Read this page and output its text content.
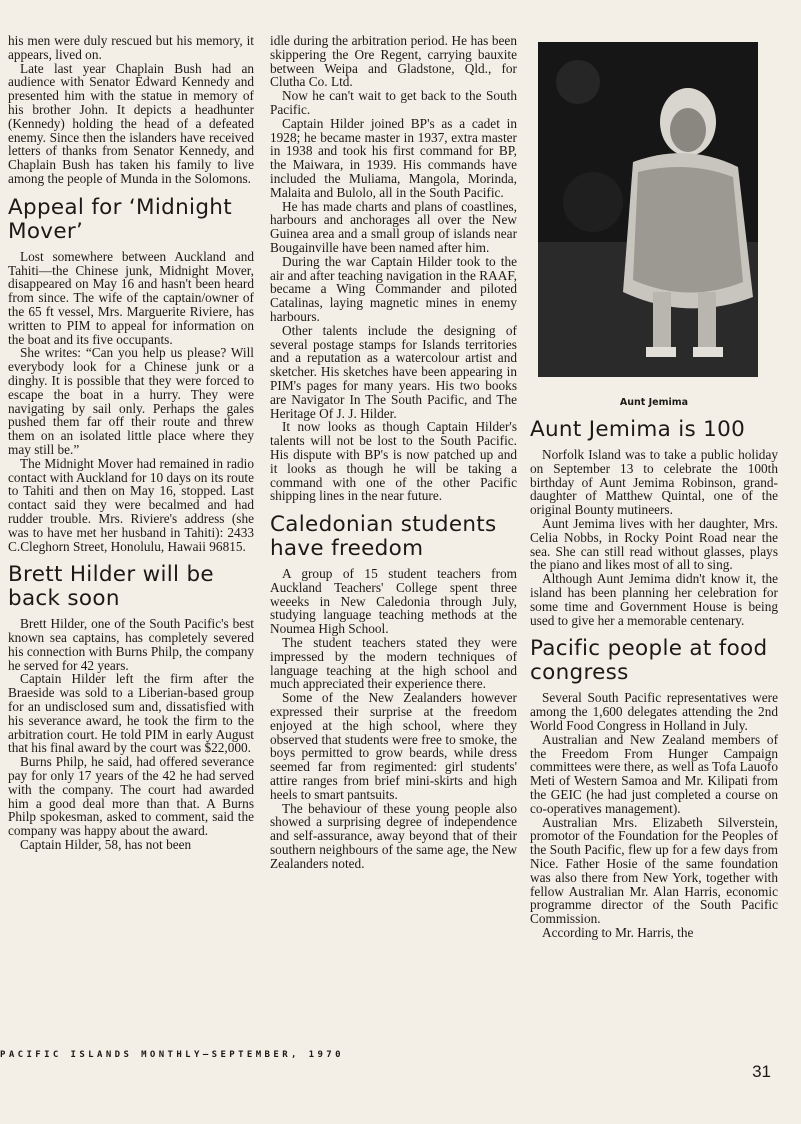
his men were duly rescued but his memory, it appears, lived on.

Late last year Chaplain Bush had an audience with Senator Edward Kennedy and presented him with the statue in memory of his brother John. It depicts a headhunter (Kennedy) holding the head of a defeated enemy. Since then the islanders have received letters of thanks from Senator Kennedy, and Chaplain Bush has taken his family to live among the people of Munda in the Solomons.

Appeal for ‘Midnight Mover’

Lost somewhere between Auckland and Tahiti—the Chinese junk, Midnight Mover, disappeared on May 16 and hasn't been heard from since. The wife of the captain/owner of the 65 ft vessel, Mrs. Marguerite Riviere, has written to PIM to appeal for information on the boat and its five occupants.

She writes: “Can you help us please? Will everybody look for a Chinese junk or a dinghy. It is possible that they were forced to escape the boat in a hurry. They were navigating by sail only. Perhaps the gales pushed them far off their route and threw them on an isolated little place where they may still be.”

The Midnight Mover had remained in radio contact with Auckland for 10 days on its route to Tahiti and then on May 16, stopped. Last contact said they were becalmed and had rudder trouble. Mrs. Riviere's address (she was to have met her husband in Tahiti): 2433 C.Cleghorn Street, Honolulu, Hawaii 96815.

Brett Hilder will be back soon

Brett Hilder, one of the South Pacific's best known sea captains, has completely severed his connection with Burns Philp, the company he served for 42 years.

Captain Hilder left the firm after the Braeside was sold to a Liberian-based group for an undisclosed sum and, dissatisfied with his severance award, he took the firm to the arbitration court. He told PIM in early August that his final award by the court was $22,000.

Burns Philp, he said, had offered severance pay for only 17 years of the 42 he had served with the company. The court had awarded him a good deal more than that. A Burns Philp spokesman, asked to comment, said the company was happy about the award.

Captain Hilder, 58, has not been

idle during the arbitration period. He has been skippering the Ore Regent, carrying bauxite between Weipa and Gladstone, Qld., for Clutha Co. Ltd.

Now he can't wait to get back to the South Pacific.

Captain Hilder joined BP's as a cadet in 1928; he became master in 1937, extra master in 1938 and took his first command for BP, the Maiwara, in 1939. His commands have included the Muliama, Mangola, Morinda, Malaita and Bulolo, all in the South Pacific.

He has made charts and plans of coastlines, harbours and anchorages all over the New Guinea area and a small group of islands near Bougainville have been named after him.

During the war Captain Hilder took to the air and after teaching navigation in the RAAF, became a Wing Commander and piloted Catalinas, laying magnetic mines in enemy harbours.

Other talents include the designing of several postage stamps for Islands territories and a reputation as a watercolour artist and sketcher. His sketches have been appearing in PIM's pages for many years. His two books are Navigator In The South Pacific, and The Heritage Of J. J. Hilder.

It now looks as though Captain Hilder's talents will not be lost to the South Pacific. His dispute with BP's is now patched up and it looks as though he will be taking a command with one of the other Pacific shipping lines in the near future.

Caledonian students have freedom

A group of 15 student teachers from Auckland Teachers' College spent three weeeks in New Caledonia through July, studying language teaching methods at the Noumea High School.

The student teachers stated they were impressed by the modern techniques of language teaching at the high school and much appreciated their experience there.

Some of the New Zealanders however expressed their surprise at the freedom enjoyed at the high school, where they observed that students were free to smoke, the boys permitted to grow beards, while dress seemed far from regimented: girl students' attire ranges from brief mini-skirts and high heels to smart pantsuits.

The behaviour of these young people also showed a surprising degree of independence and self-assurance, away beyond that of their southern neighbours of the same age, the New Zealanders noted.

Aunt Jemima
Aunt Jemima is 100

Norfolk Island was to take a public holiday on September 13 to celebrate the 100th birthday of Aunt Jemima Robinson, grand-daughter of Matthew Quintal, one of the original Bounty mutineers.

Aunt Jemima lives with her daughter, Mrs. Celia Nobbs, in Rocky Point Road near the sea. She can still read without glasses, plays the piano and likes most of all to sing.

Although Aunt Jemima didn't know it, the island has been planning her celebration for some time and Government House is being used to give her a memorable centenary.

Pacific people at food congress

Several South Pacific representatives were among the 1,600 delegates attending the 2nd World Food Congress in Holland in July.

Australian and New Zealand members of the Freedom From Hunger Campaign committees were there, as well as Tofa Lauofo Meti of Western Samoa and Mr. Kilipati from the GEIC (he had just completed a course on co-operatives management).

Australian Mrs. Elizabeth Silverstein, promotor of the Foundation for the Peoples of the South Pacific, flew up for a few days from Nice. Father Hosie of the same foundation was also there from New York, together with fellow Australian Mr. Alan Harris, economic programme director of the South Pacific Commission.

According to Mr. Harris, the

PACIFIC ISLANDS MONTHLY—SEPTEMBER, 1970
31
